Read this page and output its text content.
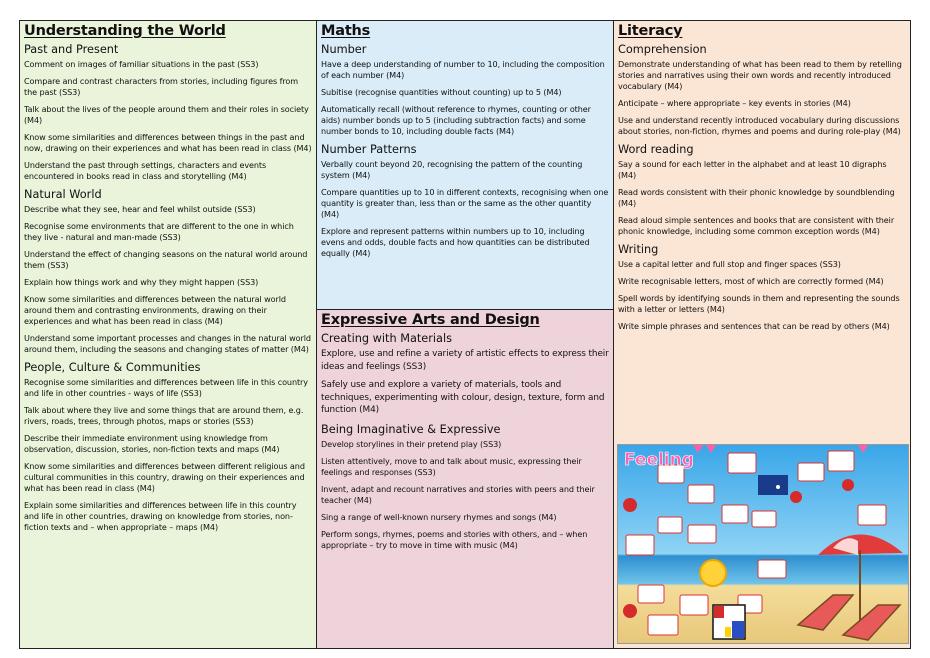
Understanding the World
Past and Present

Comment on images of familiar situations in the past (SS3)

Compare and contrast characters from stories, including figures from the past (SS3)

Talk about the lives of the people around them and their roles in society (M4)

Know some similarities and differences between things in the past and now, drawing on their experiences and what has been read in class (M4)

Understand the past through settings, characters and events encountered in books read in class and storytelling (M4)

Natural World

Describe what they see, hear and feel whilst outside (SS3)

Recognise some environments that are different to the one in which they live - natural and man-made (SS3)

Understand the effect of changing seasons on the natural world around them (SS3)

Explain how things work and why they might happen (SS3)

Know some similarities and differences between the natural world around them and contrasting environments, drawing on their experiences and what has been read in class (M4)

Understand some important processes and changes in the natural world around them, including the seasons and changing states of matter (M4)

People, Culture & Communities

Recognise some similarities and differences between life in this country and life in other countries - ways of life (SS3)

Talk about where they live and some things that are around them, e.g. rivers, roads, trees, through photos, maps or stories (SS3)

Describe their immediate environment using knowledge from observation, discussion, stories, non-fiction texts and maps (M4)

Know some similarities and differences between different religious and cultural communities in this country, drawing on their experiences and what has been read in class (M4)

Explain some similarities and differences between life in this country and life in other countries, drawing on knowledge from stories, non-fiction texts and – when appropriate – maps (M4)

Maths
Number

Have a deep understanding of number to 10, including the composition of each number (M4)

Subitise (recognise quantities without counting) up to 5 (M4)

Automatically recall (without reference to rhymes, counting or other aids) number bonds up to 5 (including subtraction facts) and some number bonds to 10, including double facts (M4)

Number Patterns

Verbally count beyond 20, recognising the pattern of the counting system (M4)

Compare quantities up to 10 in different contexts, recognising when one quantity is greater than, less than or the same as the other quantity (M4)

Explore and represent patterns within numbers up to 10, including evens and odds, double facts and how quantities can be distributed equally (M4)

Expressive Arts and Design
Creating with Materials

Explore, use and refine a variety of artistic effects to express their ideas and feelings (SS3)

Safely use and explore a variety of materials, tools and techniques, experimenting with colour, design, texture, form and function (M4)

Being Imaginative & Expressive

Develop storylines in their pretend play (SS3)

Listen attentively, move to and talk about music, expressing their feelings and responses (SS3)

Invent, adapt and recount narratives and stories with peers and their teacher (M4)

Sing a range of well-known nursery rhymes and songs (M4)

Perform songs, rhymes, poems and stories with others, and – when appropriate – try to move in time with music (M4)

Literacy
Comprehension

Demonstrate understanding of what has been read to them by retelling stories and narratives using their own words and recently introduced vocabulary (M4)

Anticipate – where appropriate – key events in stories (M4)

Use and understand recently introduced vocabulary during discussions about stories, non-fiction, rhymes and poems and during role-play (M4)

Word reading

Say a sound for each letter in the alphabet and at least 10 digraphs (M4)

Read words consistent with their phonic knowledge by soundblending (M4)

Read aloud simple sentences and books that are consistent with their phonic knowledge, including some common exception words (M4)

Writing

Use a capital letter and full stop and finger spaces (SS3)

Write recognisable letters, most of which are correctly formed (M4)

Spell words by identifying sounds in them and representing the sounds with a letter or letters (M4)

Write simple phrases and sentences that can be read by others (M4)

Feeling
